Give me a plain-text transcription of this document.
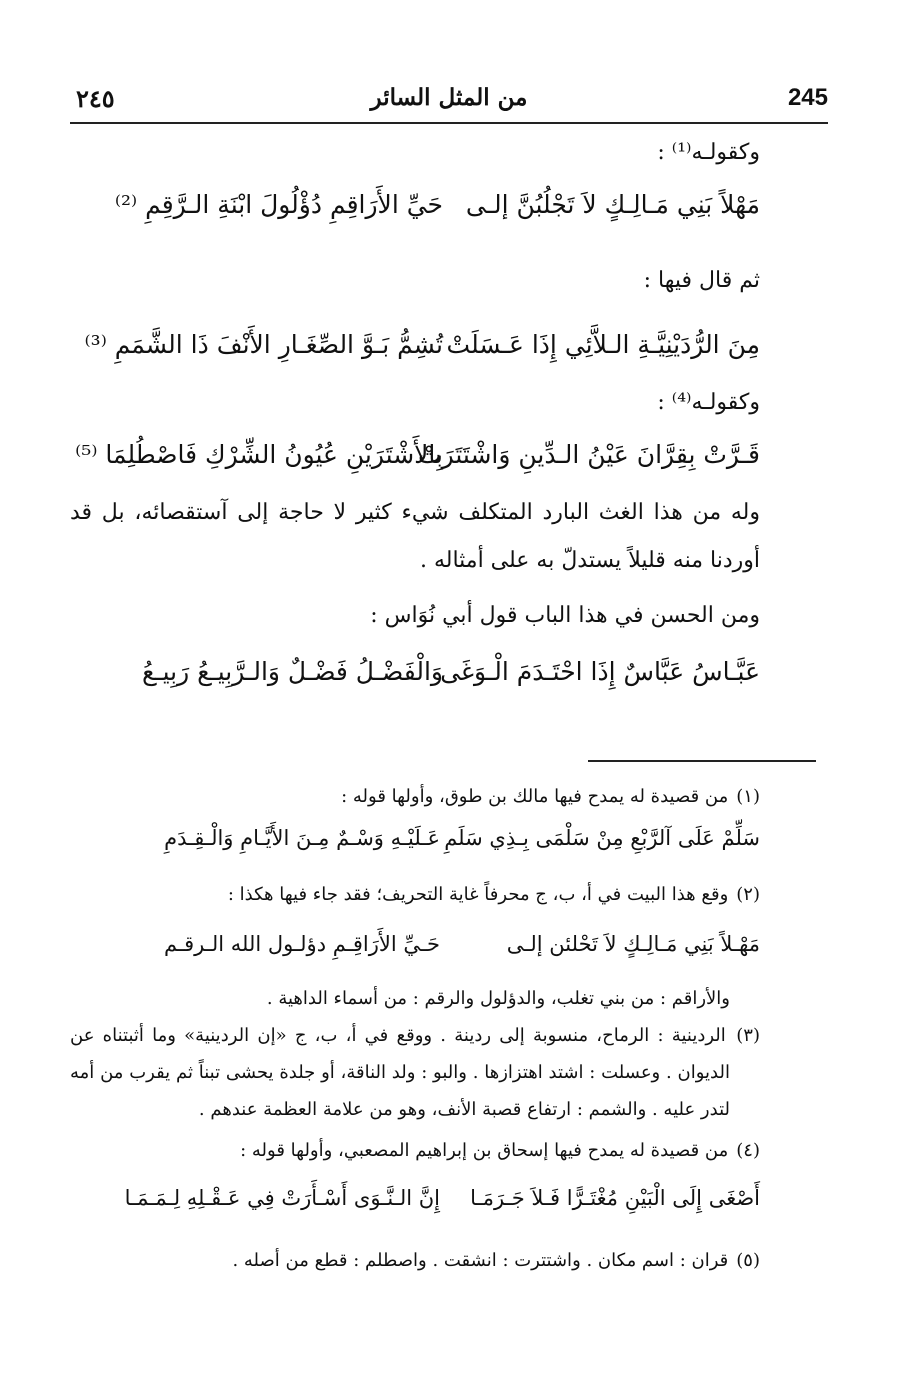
٢٤٥	من المثل السائر	245
وكقولـه⁽¹⁾ :
مَهْلاً بَنِي مَـالِـكٍ لاَ تَجْلُبُنَّ إلـى
حَيِّ الأَرَاقِمِ دُؤْلُولَ ابْنَةِ الـرَّقِمِ ⁽²⁾
ثم قال فيها :
مِنَ الرُّدَيْنِيَّـةِ الـلاَّئِي إِذَا عَـسَلَتْ
تُشِمُّ بَـوَّ الصِّغَـارِ الأَنْفَ ذَا الشَّمَمِ ⁽³⁾
وكقولـه⁽⁴⁾ :
قَـرَّتْ بِقِرَّانَ عَيْنُ الـدِّينِ وَاشْتَتَرَتْ
بِالأَشْتَرَيْنِ عُيُونُ الشِّرْكِ فَاصْطُلِمَا ⁽⁵⁾
وله من هذا الغث البارد المتكلف شيء كثير لا حاجة إلى آستقصائه، بل قد
أوردنا منه قليلاً يستدلّ به على أمثاله .
ومن الحسن في هذا الباب قول أبي نُوَاس :
عَبَّـاسُ عَبَّاسٌ إِذَا احْتَـدَمَ الْـوَغَى
وَالْفَضْـلُ فَضْـلٌ وَالـرَّبِيـعُ رَبِيـعُ
(١) من قصيدة له يمدح فيها مالك بن طوق، وأولها قوله :
سَلِّمْ عَلَى آلرَّبْعِ مِنْ سَلْمَى بِـذِي سَلَمِ
عَـلَيْـهِ وَسْـمٌ مِـنَ الأَيَّـامِ وَالْـقِـدَمِ
(٢) وقع هذا البيت في أ، ب، ج محرفاً غاية التحريف؛ فقد جاء فيها هكذا :
مَهْـلاً بَنِي مَـالِـكٍ لاَ تَحْلئن إلـى
حَـيِّ الأَرَاقِـمِ دؤلـول الله الـرقـم
والأراقم : من بني تغلب، والدؤلول والرقم : من أسماء الداهية .
(٣) الردينية : الرماح، منسوبة إلى ردينة . ووقع في أ، ب، ج «إن الردينية» وما أثبتناه عن
الديوان . وعسلت : اشتد اهتزازها . والبو : ولد الناقة، أو جلدة يحشى تبناً ثم يقرب من أمه
لتدر عليه . والشمم : ارتفاع قصبة الأنف، وهو من علامة العظمة عندهم .
(٤) من قصيدة له يمدح فيها إسحاق بن إبراهيم المصعبي، وأولها قوله :
أَصْغَى إِلَى الْبَيْنِ مُغْتَـرًّا فَـلاَ جَـرَمَـا
إِنَّ الـنَّـوَى أَسْـأَرَتْ فِي عَـقْـلِهِ لِـمَـمَـا
(٥) قران : اسم مكان . واشتترت : انشقت . واصطلم : قطع من أصله .
